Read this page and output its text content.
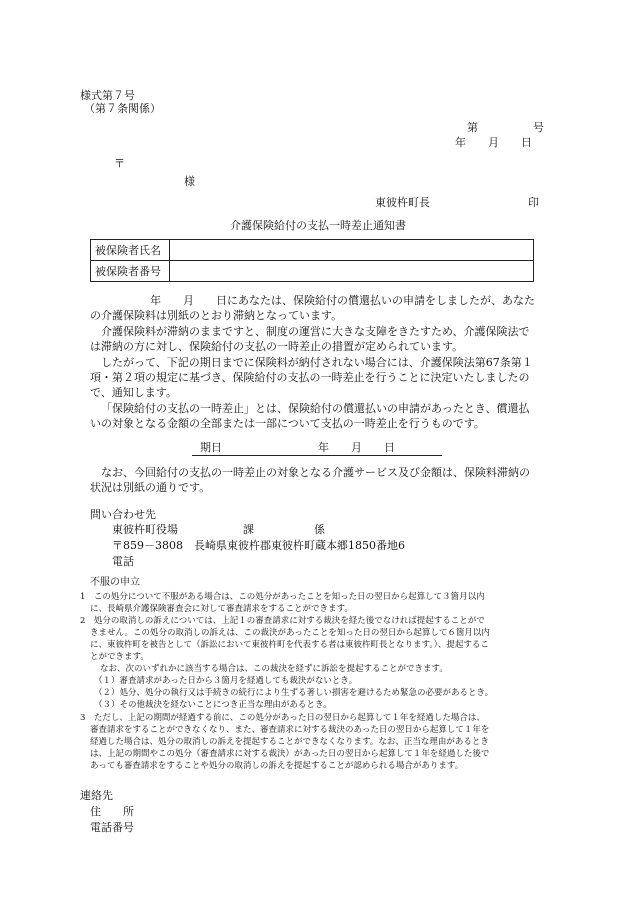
様式第７号
（第７条関係）
第　　　　　号
年　　月　　日
〒
様
東彼杵町長	印
介護保険給付の支払一時差止通知書
被保険者氏名	
被保険者番号	
年　　月　　日にあなたは、保険給付の償還払いの申請をしましたが、あなた
の介護保険料は別紙のとおり滞納となっています。
介護保険料が滞納のままですと、制度の運営に大きな支障をきたすため、介護保険法で
は滞納の方に対し、保険給付の支払の一時差止の措置が定められています。
したがって、下記の期日までに保険料が納付されない場合には、介護保険法第67条第１
項・第２項の規定に基づき、保険給付の支払の一時差止を行うことに決定いたしましたの
で、通知します。
「保険給付の支払の一時差止」とは、保険給付の償還払いの申請があったとき、償還払
いの対象となる金額の全部または一部について支払の一時差止を行うものです。
期日	年　　月　　日
なお、今回給付の支払の一時差止の対象となる介護サービス及び金額は、保険料滞納の
状況は別紙の通りです。
問い合わせ先
東彼杵町役場	課	係
〒859－3808　長崎県東彼杵郡東彼杵町蔵本郷1850番地6
電話
不服の申立
1　この処分について不服がある場合は、この処分があったことを知った日の翌日から起算して３箇月以内
に、長崎県介護保険審査会に対して審査請求をすることができます。
2　処分の取消しの訴えについては、上記１の審査請求に対する裁決を経た後でなければ提起することがで
きません。この処分の取消しの訴えは、この裁決があったことを知った日の翌日から起算して６箇月以内
に、東彼杵町を被告として（訴訟において東彼杵町を代表する者は東彼杵町長となります。）、提起するこ
とができます。
なお、次のいずれかに該当する場合は、この裁決を経ずに訴訟を提起することができます。
（１）審査請求があった日から３箇月を経過しても裁決がないとき。
（２）処分、処分の執行又は手続きの続行により生ずる著しい損害を避けるため緊急の必要があるとき。
（３）その他裁決を経ないことにつき正当な理由があるとき。
3　ただし、上記の期間が経過する前に、この処分があった日の翌日から起算して１年を経過した場合は、
審査請求をすることができなくなり、また、審査請求に対する裁決のあった日の翌日から起算して１年を
経過した場合は、処分の取消しの訴えを提起することができなくなります。なお、正当な理由があるとき
は、上記の期間やこの処分（審査請求に対する裁決）があった日の翌日から起算して１年を経過した後で
あっても審査請求をすることや処分の取消しの訴えを提起することが認められる場合があります。
連絡先
住　　所
電話番号
